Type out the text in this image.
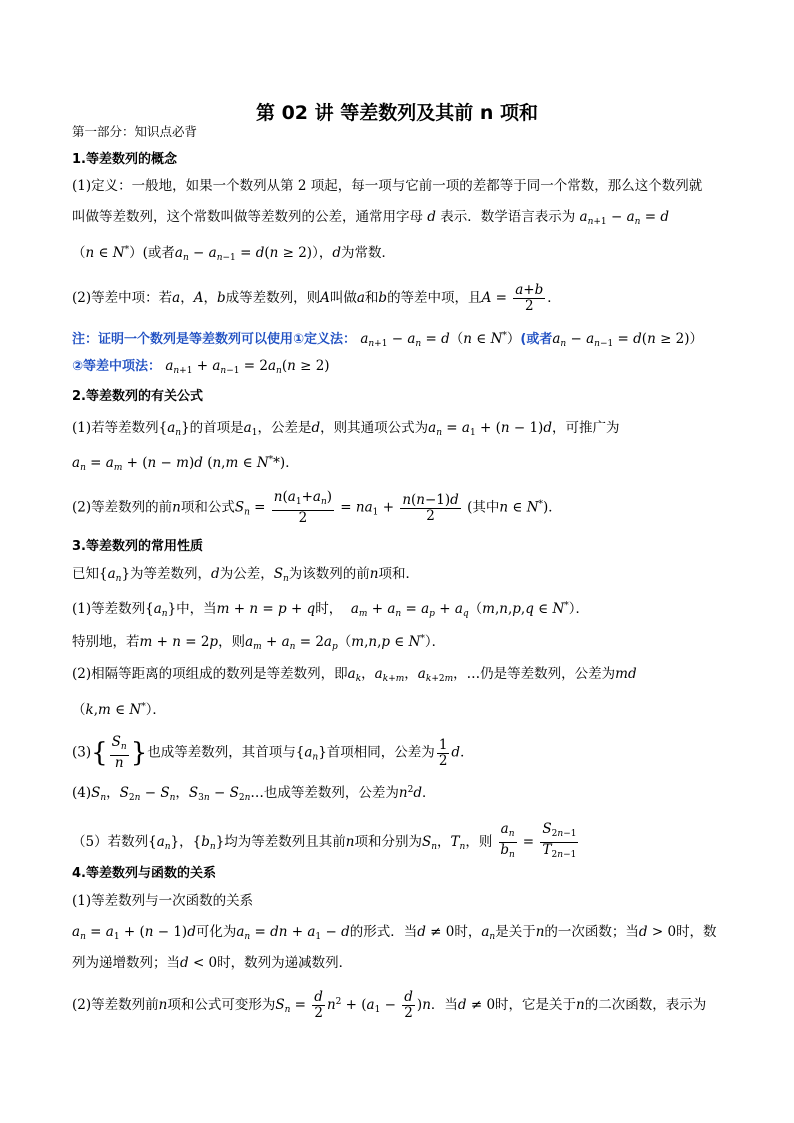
第 02 讲 等差数列及其前 n 项和
第一部分：知识点必背
1.等差数列的概念
(1)定义：一般地，如果一个数列从第 2 项起，每一项与它前一项的差都等于同一个常数，那么这个数列就
叫做等差数列，这个常数叫做等差数列的公差，通常用字母 d 表示．数学语言表示为 $a_{n+1} - a_n = d$
（n ∈ N*）(或者$a_n - a_{n-1} = d(n \ge 2)$），d为常数．
(2)等差中项：若a，A，b成等差数列，则A叫做a和b的等差中项，且$A = \frac{a+b}{2}$ ．
注：证明一个数列是等差数列可以使用①定义法： $a_{n+1} - a_n = d(n$ ∈ N*）(或者$a_n - a_{n-1} = d(n \ge 2)$）
②等差中项法： $a_{n+1} + a_{n-1} = 2a_n(n \ge 2)$
2.等差数列的有关公式
(1)若等差数列$\{a_n\}$的首项是$a_1$，公差是d，则其通项公式为$a_n = a_1 + (n - 1)d$，可推广为
$a_n = a_m + (n - m)d$ (n,m ∈ N**)．
(2)等差数列的前n项和公式$S_n = \frac{n(a_1+a_n)}{2} = na_1 + \frac{n(n-1)d}{2}$ (其中n ∈ N*)．
3.等差数列的常用性质
已知$\{a_n\}$为等差数列，d为公差，$S_n$为该数列的前n项和．
(1)等差数列$\{a_n\}$中，当m + n = p + q时， $a_m + a_n = a_p + a_q(m,n,p,q$ ∈ N*）．
特别地，若m + n = 2p，则$a_m + a_n = 2a_p(m,n,p$ ∈ N*）．
(2)相隔等距离的项组成的数列是等差数列，即$a_k$，$a_{k+m}$，$a_{k+2m}$，…仍是等差数列，公差为md
（k,m ∈ N*）．
$(3)\{ \frac{S_n}{n}$ }也成等差数列，其首项与$\{a_n\}$首项相同，公差为 $\frac{1}{2}$ d．
$(4)S_n$，$S_{2n} - S_n$，$S_{3n}$ − $S_{2n}\dots$也成等差数列，公差为$n^2d$．
（5）若数列$\{a_n\}$，$\{b_n\}$均为等差数列且其前n项和分别为$S_n$，$T_n$，则 $\frac{a_n}{b_n} = \frac{S_{2n-1}}{T_{2n-1}}$
4.等差数列与函数的关系
(1)等差数列与一次函数的关系
$a_n = a_1 + (n - 1)d$可化为$a_n$ = dn + $a_1 - d$的形式．当d ≠ 0时，$a_n$是关于n的一次函数；当d > 0时，数
列为递增数列；当d < 0时，数列为递减数列．
(2)等差数列前n项和公式可变形为$S_n = \frac{d}{2} n^2 + (a_1 - \frac{d}{2} )n$．当d ≠ 0时，它是关于n的二次函数，表示为
